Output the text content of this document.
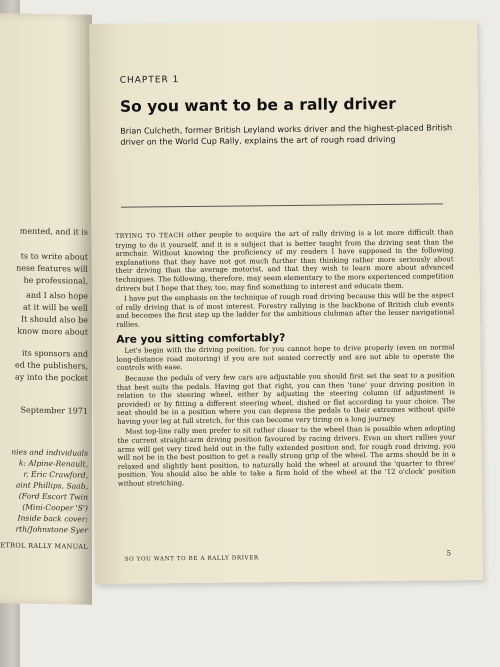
mented, and it is
ts to write about
nese features will
he professional,
and I also hope
at it will be well
It should also be
know more about
its sponsors and
ed the publishers,
ay into the pocket
September 1971
nies and individuals
k: Alpine-Renault,
r, Eric Crawford,
aint Phillips, Saab,
(Ford Escort Twin
(Mini-Cooper 'S')
Inside back cover:
rth/Johnstone Syer
ETROL RALLY MANUAL
CHAPTER 1
So you want to be a rally driver
Brian Culcheth, former British Leyland works driver and the highest-placed British driver on the World Cup Rally, explains the art of rough road driving

TRYING TO TEACH other people to acquire the art of rally driving is a lot more difficult than trying to do it yourself, and it is a subject that is better taught from the driving seat than the armchair. Without knowing the proficiency of my readers I have supposed in the following explanations that they have not got much further than thinking rather more seriously about their driving than the average motorist, and that they wish to learn more about advanced techniques. The following, therefore, may seem elementary to the more experienced competition drivers but I hope that they, too, may find something to interest and educate them.

I have put the emphasis on the technique of rough road driving because this will be the aspect of rally driving that is of most interest. Forestry rallying is the backbone of British club events and becomes the first step up the ladder for the ambitious clubman after the lesser navigational rallies.

Are you sitting comfortably?

Let's begin with the driving position, for you cannot hope to drive properly (even on normal long-distance road motoring) if you are not seated correctly and are not able to operate the controls with ease.

Because the pedals of very few cars are adjustable you should first set the seat to a position that best suits the pedals. Having got that right, you can then 'tune' your driving position in relation to the steering wheel, either by adjusting the steering column (if adjustment is provided) or by fitting a different steering wheel, dished or flat according to your choice. The seat should be in a position where you can depress the pedals to their extremes without quite having your leg at full stretch, for this can become very tiring on a long journey.

Most top-line rally men prefer to sit rather closer to the wheel than is possible when adopting the current straight-arm driving position favoured by racing drivers. Even on short rallies your arms will get very tired held out in the fully extended position and, for rough road driving, you will not be in the best position to get a really strong grip of the wheel. The arms should be in a relaxed and slightly bent position, to naturally hold the wheel at around the 'quarter to three' position. You should also be able to take a firm hold of the wheel at the '12 o'clock' position without stretching.

SO YOU WANT TO BE A RALLY DRIVER
5
